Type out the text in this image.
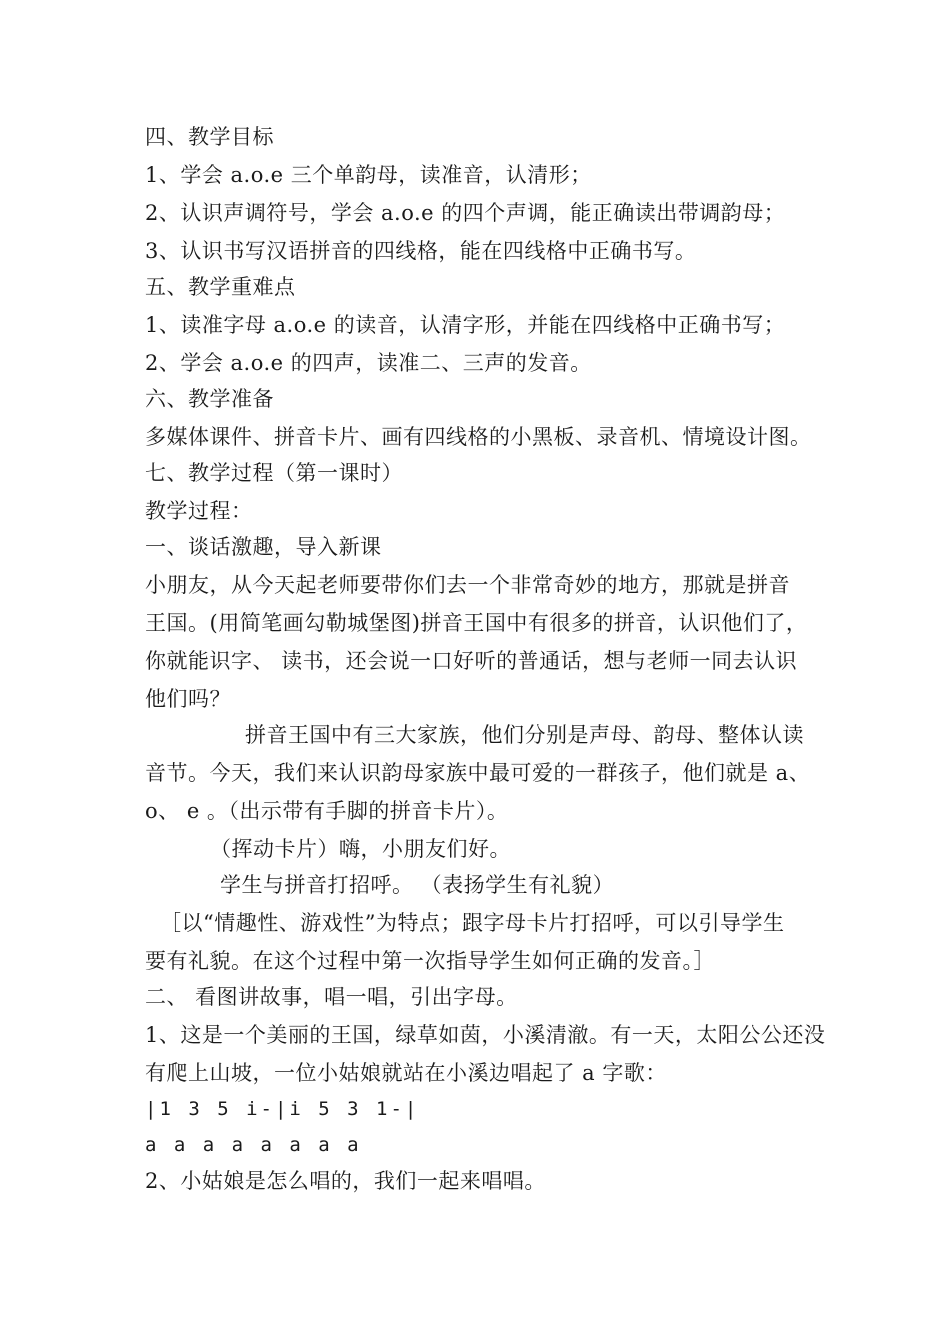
四、教学目标
1、学会 a.o.e 三个单韵母，读准音，认清形；
2、认识声调符号，学会 a.o.e 的四个声调，能正确读出带调韵母；
3、认识书写汉语拼音的四线格，能在四线格中正确书写。
五、教学重难点
1、读准字母 a.o.e 的读音，认清字形，并能在四线格中正确书写；
2、学会 a.o.e 的四声，读准二、三声的发音。
六、教学准备
多媒体课件、拼音卡片、画有四线格的小黑板、录音机、情境设计图。
七、教学过程（第一课时）
教学过程：
一、谈话激趣，导入新课
小朋友，从今天起老师要带你们去一个非常奇妙的地方，那就是拼音
王国。(用简笔画勾勒城堡图)拼音王国中有很多的拼音，认识他们了，
你就能识字、 读书，还会说一口好听的普通话，想与老师一同去认识
他们吗？
拼音王国中有三大家族，他们分别是声母、韵母、整体认读
音节。今天，我们来认识韵母家族中最可爱的一群孩子，他们就是 a、
o、 e 。（出示带有手脚的拼音卡片）。
（挥动卡片）嗨，小朋友们好。
学生与拼音打招呼。 （表扬学生有礼貌）
［以“情趣性、游戏性”为特点；跟字母卡片打招呼，可以引导学生
要有礼貌。在这个过程中第一次指导学生如何正确的发音。］
二、 看图讲故事，唱一唱，引出字母。
1、这是一个美丽的王国，绿草如茵，小溪清澈。有一天，太阳公公还没
有爬上山坡，一位小姑娘就站在小溪边唱起了 a 字歌：
|1 3 5 i-|i 5 3 1-|
a a a a a a a a
2、小姑娘是怎么唱的，我们一起来唱唱。
